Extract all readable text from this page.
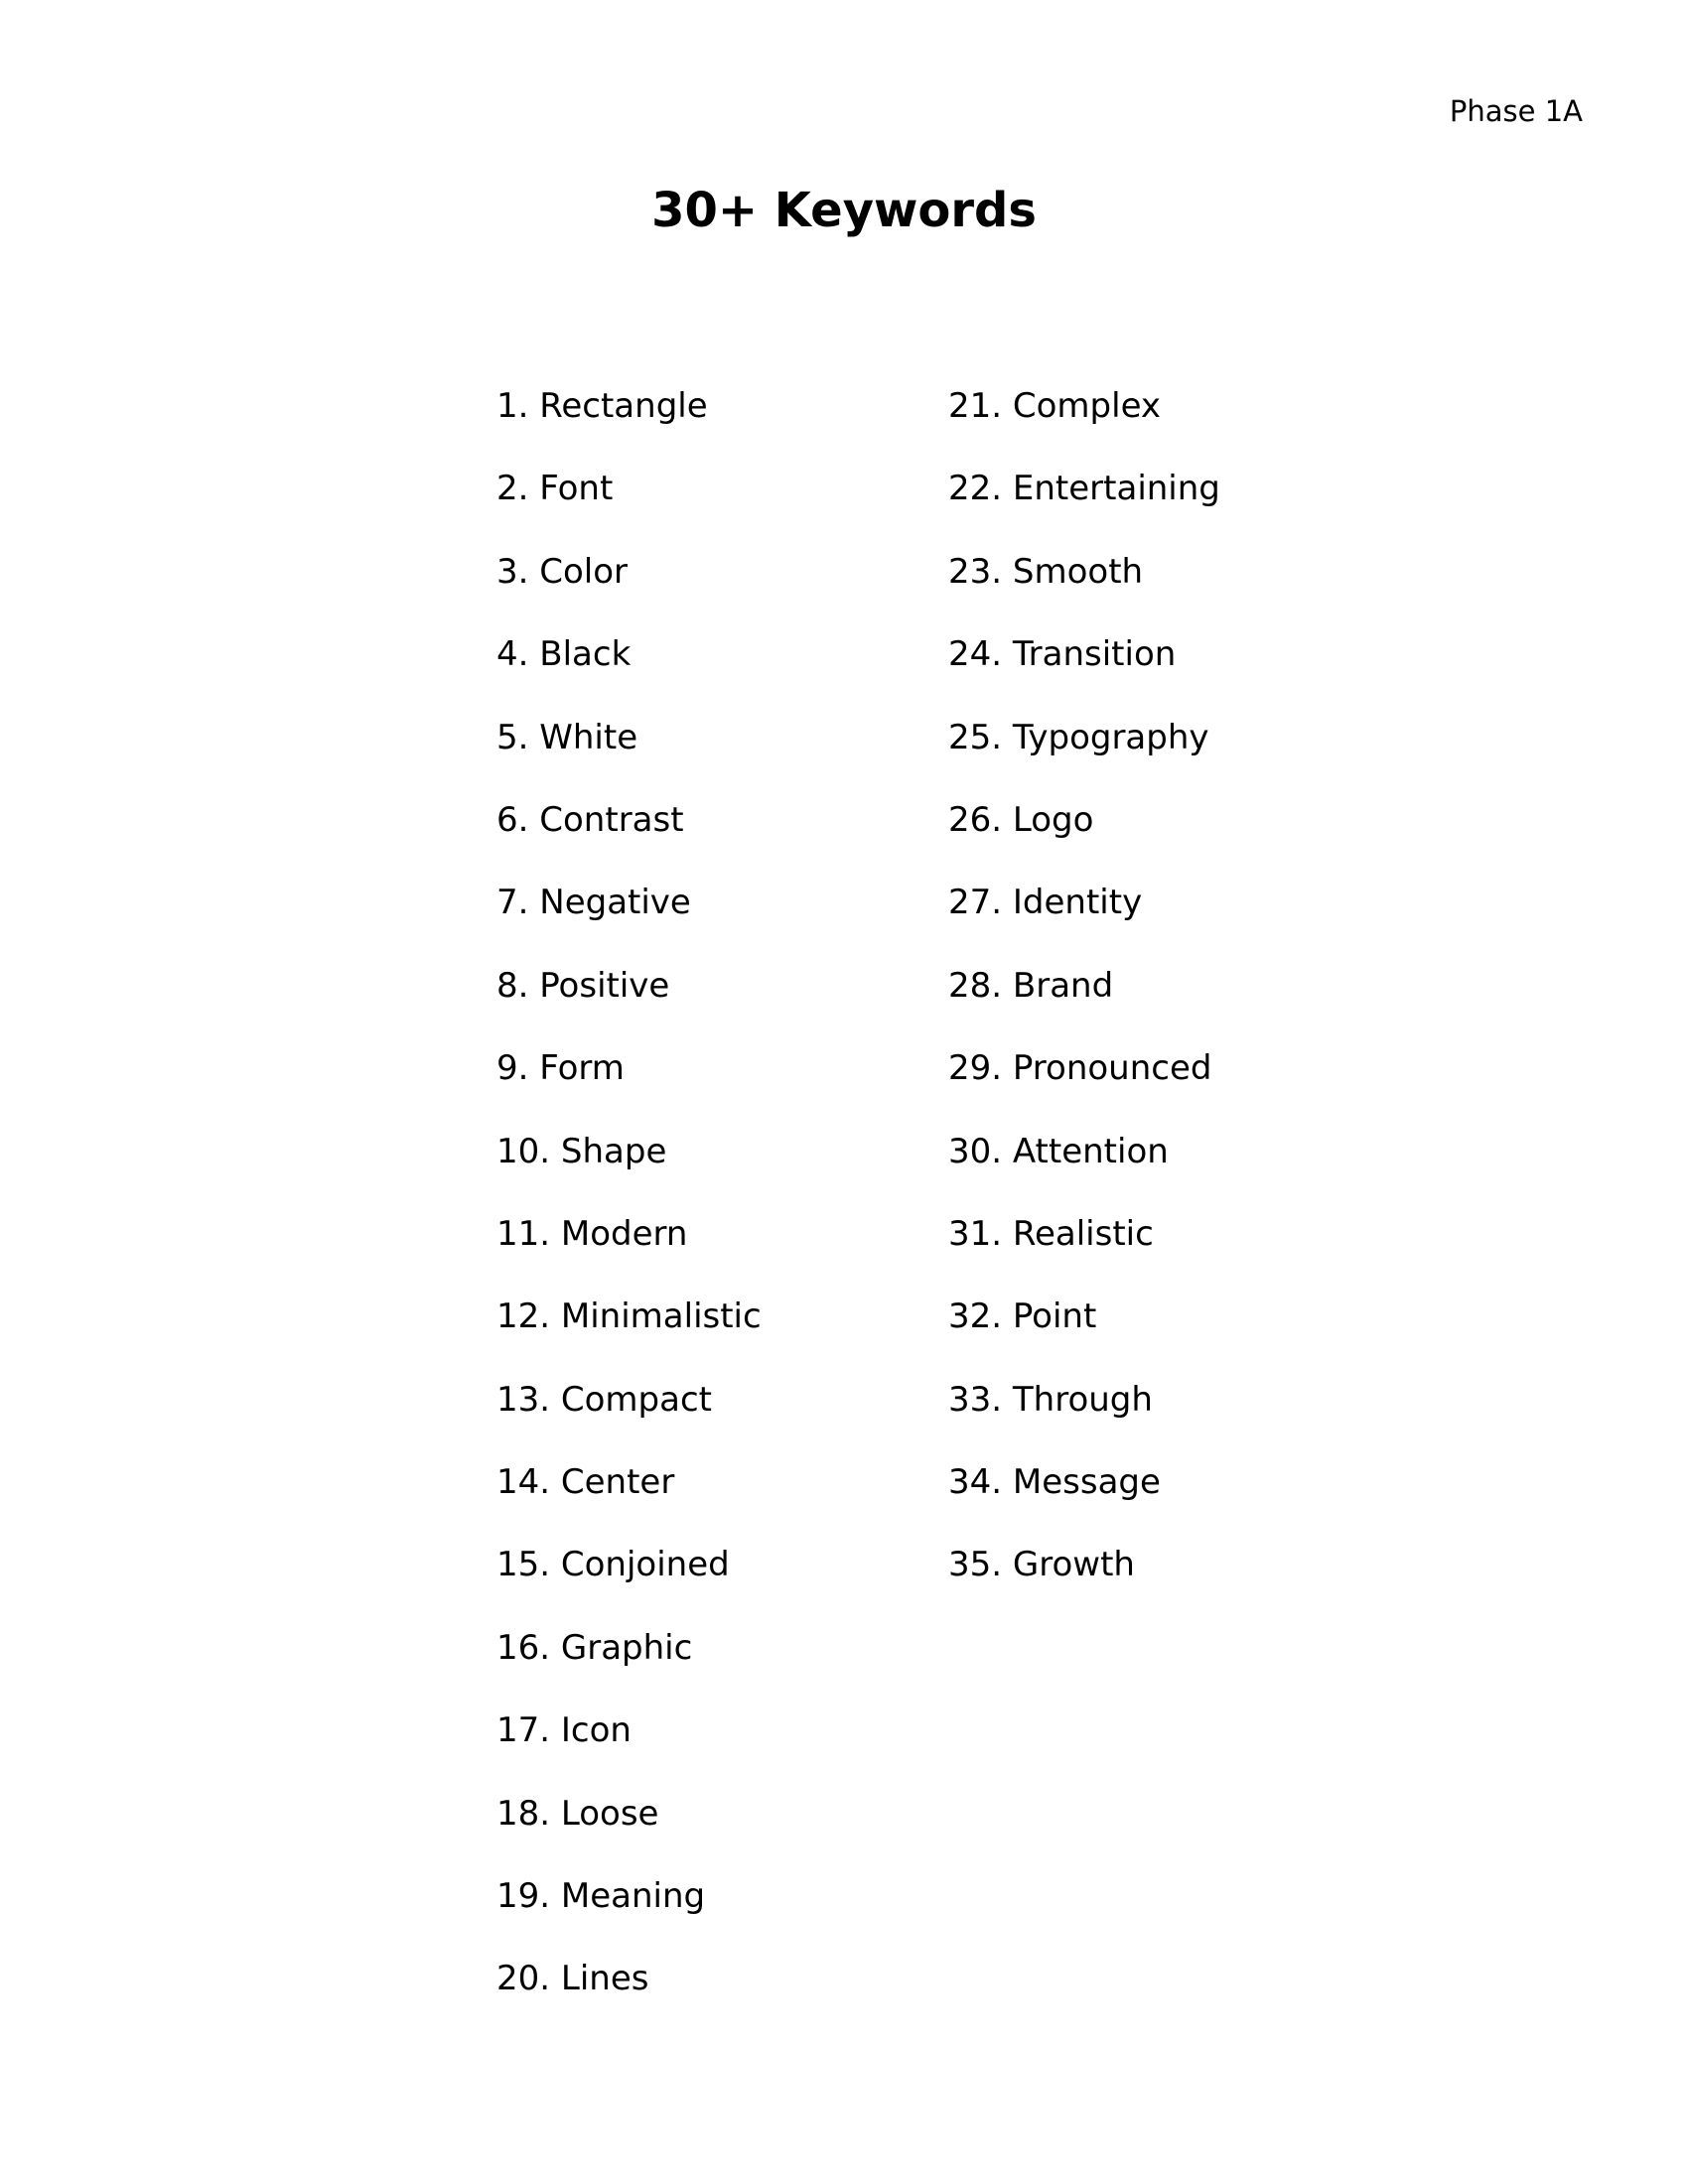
Phase 1A
30+ Keywords
1. Rectangle
2. Font
3. Color
4. Black
5. White
6. Contrast
7. Negative
8. Positive
9. Form
10. Shape
11. Modern
12. Minimalistic
13. Compact
14. Center
15. Conjoined
16. Graphic
17. Icon
18. Loose
19. Meaning
20. Lines
21. Complex
22. Entertaining
23. Smooth
24. Transition
25. Typography
26. Logo
27. Identity
28. Brand
29. Pronounced
30. Attention
31. Realistic
32. Point
33. Through
34. Message
35. Growth
